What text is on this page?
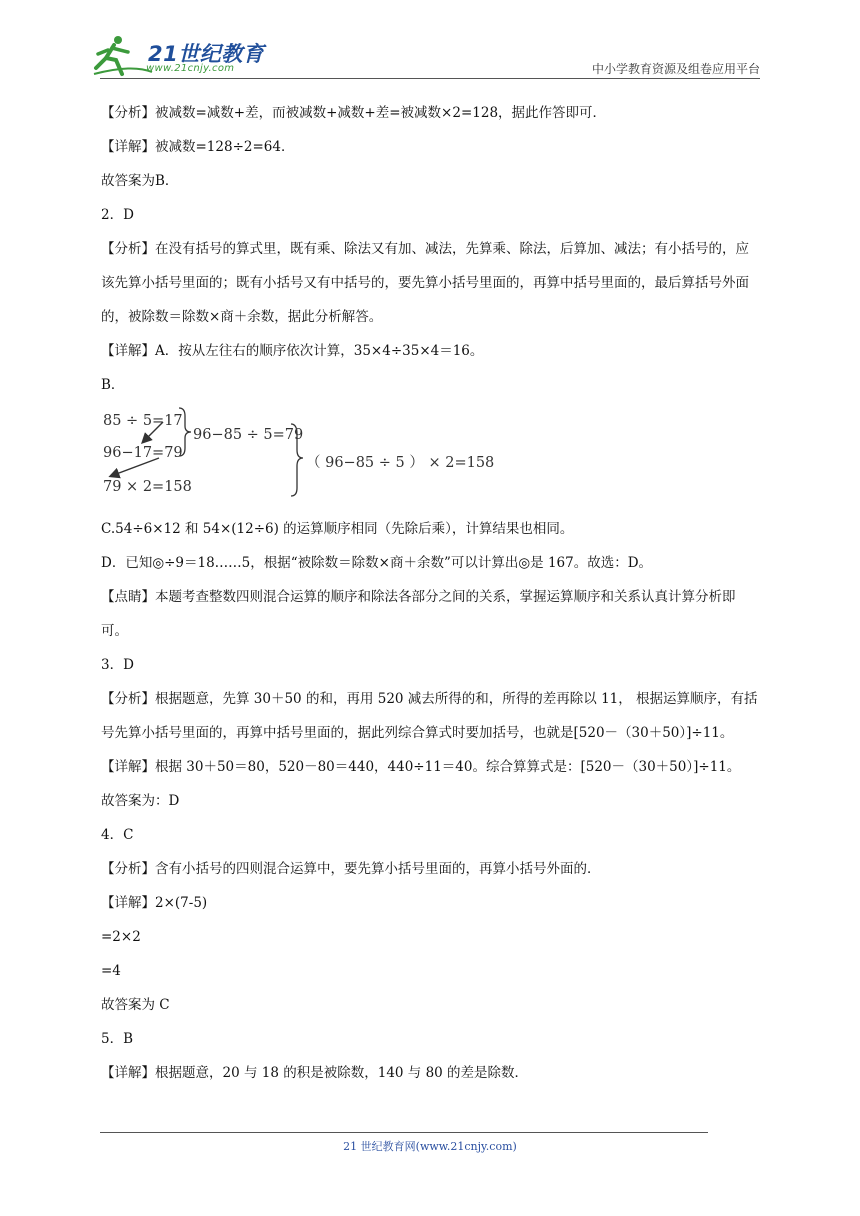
21世纪教育
www.21cnjy.com	中小学教育资源及组卷应用平台
【分析】被减数=减数+差，而被减数+减数+差=被减数×2=128，据此作答即可．
【详解】被减数=128÷2=64．
故答案为B．
2．D
【分析】在没有括号的算式里，既有乘、除法又有加、减法，先算乘、除法，后算加、减法；有小括号的，应该先算小括号里面的；既有小括号又有中括号的，要先算小括号里面的，再算中括号里面的，最后算括号外面的，被除数＝除数×商＋余数，据此分析解答。
【详解】A．按从左往右的顺序依次计算，35×4÷35×4＝16。
B．
85 ÷ 5=17
96−17=79
79 × 2=158
96−85 ÷ 5=79
（ 96−85 ÷ 5 ） × 2=158
C.54÷6×12 和 54×(12÷6) 的运算顺序相同（先除后乘），计算结果也相同。
D．已知◎÷9＝18……5，根据“被除数＝除数×商＋余数”可以计算出◎是 167。故选：D。
【点睛】本题考查整数四则混合运算的顺序和除法各部分之间的关系，掌握运算顺序和关系认真计算分析即可。
3．D
【分析】根据题意，先算 30＋50 的和，再用 520 减去所得的和，所得的差再除以 11， 根据运算顺序，有括号先算小括号里面的，再算中括号里面的，据此列综合算式时要加括号，也就是[520－（30＋50）]÷11。
【详解】根据 30＋50＝80，520－80＝440，440÷11＝40。综合算算式是：[520－（30＋50）]÷11。
故答案为：D
4．C
【分析】含有小括号的四则混合运算中，要先算小括号里面的，再算小括号外面的．
【详解】2×(7-5)
=2×2
=4
故答案为 C
5．B
【详解】根据题意，20 与 18 的积是被除数，140 与 80 的差是除数．
21 世纪教育网(www.21cnjy.com)
